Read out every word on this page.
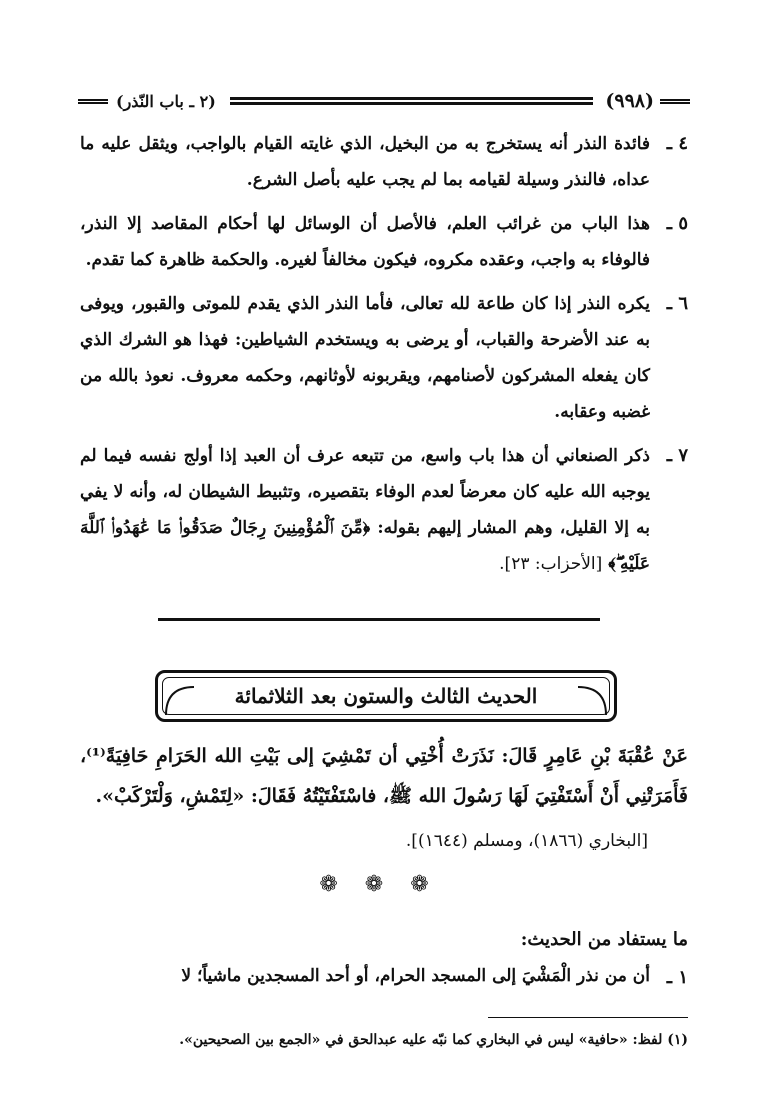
(٩٩٨)
(٢ ـ باب النّذر)
٤ ـ
فائدة النذر أنه يستخرج به من البخيل، الذي غايته القيام بالواجب، ويثقل عليه ما عداه، فالنذر وسيلة لقيامه بما لم يجب عليه بأصل الشرع.
٥ ـ
هذا الباب من غرائب العلم، فالأصل أن الوسائل لها أحكام المقاصد إلا النذر، فالوفاء به واجب، وعقده مكروه، فيكون مخالفاً لغيره. والحكمة ظاهرة كما تقدم.
٦ ـ
يكره النذر إذا كان طاعة لله تعالى، فأما النذر الذي يقدم للموتى والقبور، ويوفى به عند الأضرحة والقباب، أو يرضى به ويستخدم الشياطين: فهذا هو الشرك الذي كان يفعله المشركون لأصنامهم، ويقربونه لأوثانهم، وحكمه معروف. نعوذ بالله من غضبه وعقابه.
٧ ـ
ذكر الصنعاني أن هذا باب واسع، من تتبعه عرف أن العبد إذا أولج نفسه فيما لم يوجبه الله عليه كان معرضاً لعدم الوفاء بتقصيره، وتثبيط الشيطان له، وأنه لا يفي به إلا القليل، وهم المشار إليهم بقوله: ﴿مِّنَ ٱلْمُؤْمِنِينَ رِجَالٌ صَدَقُوا۟ مَا عَٰهَدُوا۟ ٱللَّهَ عَلَيْهِ ۖ﴾ [الأحزاب: ٢٣].
الحديث الثالث والستون بعد الثلاثمائة
عَنْ عُقْبَةَ بْنِ عَامِرٍ قَالَ: نَذَرَتْ أُخْتِي أن تَمْشِيَ إلى بَيْتِ الله الحَرَامِ حَافِيَةً⁽¹⁾، فَأَمَرَتْنِي أَنْ أَسْتَفْتِيَ لَهَا رَسُولَ الله ﷺ، فاسْتَفْتَيْتُهُ فَقَالَ: «لِتَمْشِ، وَلْتَرْكَبْ».
[البخاري (١٨٦٦)، ومسلم (١٦٤٤)].
❁ ❁ ❁
ما يستفاد من الحديث:
١ ـ
أن من نذر الْمَشْيَ إلى المسجد الحرام، أو أحد المسجدين ماشياً؛ لا
(١) لفظ: «حافية» ليس في البخاري كما نبّه عليه عبدالحق في «الجمع بين الصحيحين».
